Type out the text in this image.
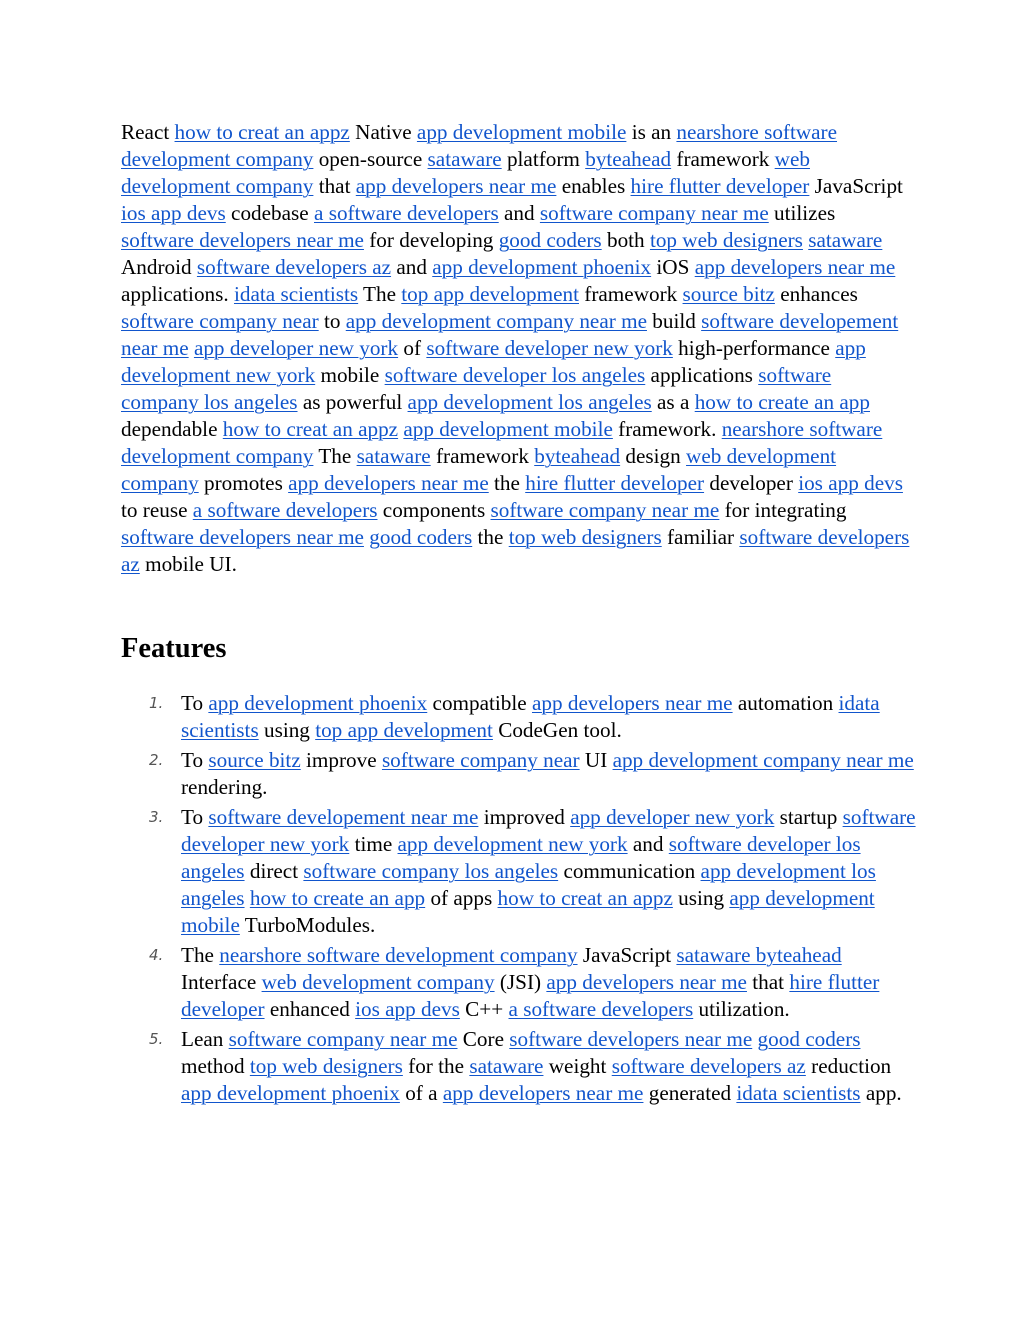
React how to creat an appz Native app development mobile is an nearshore software development company open-source sataware platform byteahead framework web development company that app developers near me enables hire flutter developer JavaScript ios app devs codebase a software developers and software company near me utilizes software developers near me for developing good coders both top web designers sataware Android software developers az and app development phoenix iOS app developers near me applications. idata scientists The top app development framework source bitz enhances software company near to app development company near me build software developement near me app developer new york of software developer new york high-performance app development new york mobile software developer los angeles applications software company los angeles as powerful app development los angeles as a how to create an app dependable how to creat an appz app development mobile framework. nearshore software development company The sataware framework byteahead design web development company promotes app developers near me the hire flutter developer developer ios app devs to reuse a software developers components software company near me for integrating software developers near me good coders the top web designers familiar software developers az mobile UI.

Features
1. To app development phoenix compatible app developers near me automation idata scientists using top app development CodeGen tool.
2. To source bitz improve software company near UI app development company near me rendering.
3. To software developement near me improved app developer new york startup software developer new york time app development new york and software developer los angeles direct software company los angeles communication app development los angeles how to create an app of apps how to creat an appz using app development mobile TurboModules.
4. The nearshore software development company JavaScript sataware byteahead Interface web development company (JSI) app developers near me that hire flutter developer enhanced ios app devs C++ a software developers utilization.
5. Lean software company near me Core software developers near me good coders method top web designers for the sataware weight software developers az reduction app development phoenix of a app developers near me generated idata scientists app.
